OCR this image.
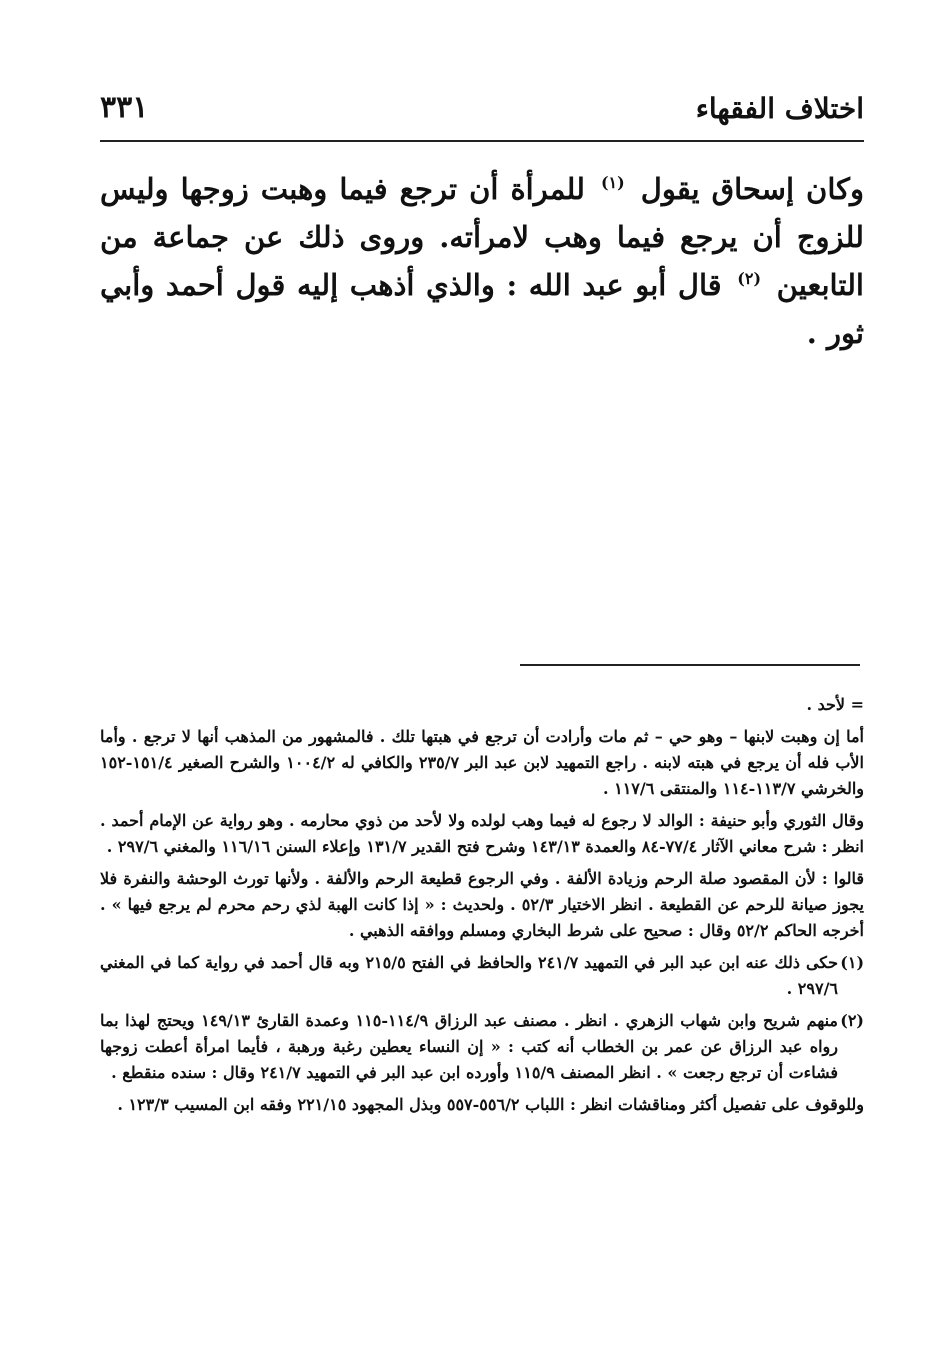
اختلاف الفقهاء
٣٣١

وكان إسحاق يقول $^{(١)}$ للمرأة أن ترجع فيما وهبت زوجها وليس للزوج أن يرجع فيما وهب لامرأته. وروى ذلك عن جماعة من التابعين $^{(٢)}$ قال أبو عبد الله : والذي أذهب إليه قول أحمد وأبي ثور .

= لأحد .

أما إن وهبت لابنها – وهو حي – ثم مات وأرادت أن ترجع في هبتها تلك . فالمشهور من المذهب أنها لا ترجع . وأما الأب فله أن يرجع في هبته لابنه . راجع التمهيد لابن عبد البر ٢٣٥/٧ والكافي له ١٠٠٤/٢ والشرح الصغير ١٥١/٤-١٥٢ والخرشي ١١٣/٧-١١٤ والمنتقى ١١٧/٦ .

وقال الثوري وأبو حنيفة : الوالد لا رجوع له فيما وهب لولده ولا لأحد من ذوي محارمه . وهو رواية عن الإمام أحمد . انظر : شرح معاني الآثار ٧٧/٤-٨٤ والعمدة ١٤٣/١٣ وشرح فتح القدير ١٣١/٧ وإعلاء السنن ١١٦/١٦ والمغني ٢٩٧/٦ .

قالوا : لأن المقصود صلة الرحم وزيادة الألفة . وفي الرجوع قطيعة الرحم والألفة . ولأنها تورث الوحشة والنفرة فلا يجوز صيانة للرحم عن القطيعة . انظر الاختيار ٥٢/٣ . ولحديث : « إذا كانت الهبة لذي رحم محرم لم يرجع فيها » . أخرجه الحاكم ٥٢/٢ وقال : صحيح على شرط البخاري ومسلم ووافقه الذهبي .

(١)حكى ذلك عنه ابن عبد البر في التمهيد ٢٤١/٧ والحافظ في الفتح ٢١٥/٥ وبه قال أحمد في رواية كما في المغني ٢٩٧/٦ .

(٢)منهم شريح وابن شهاب الزهري . انظر . مصنف عبد الرزاق ١١٤/٩-١١٥ وعمدة القارئ ١٤٩/١٣ ويحتج لهذا بما رواه عبد الرزاق عن عمر بن الخطاب أنه كتب : « إن النساء يعطين رغبة ورهبة ، فأيما امرأة أعطت زوجها فشاءت أن ترجع رجعت » . انظر المصنف ١١٥/٩ وأورده ابن عبد البر في التمهيد ٢٤١/٧ وقال : سنده منقطع .

وللوقوف على تفصيل أكثر ومناقشات انظر : اللباب ٥٥٦/٢-٥٥٧ وبذل المجهود ٢٢١/١٥ وفقه ابن المسيب ١٢٣/٣ .
